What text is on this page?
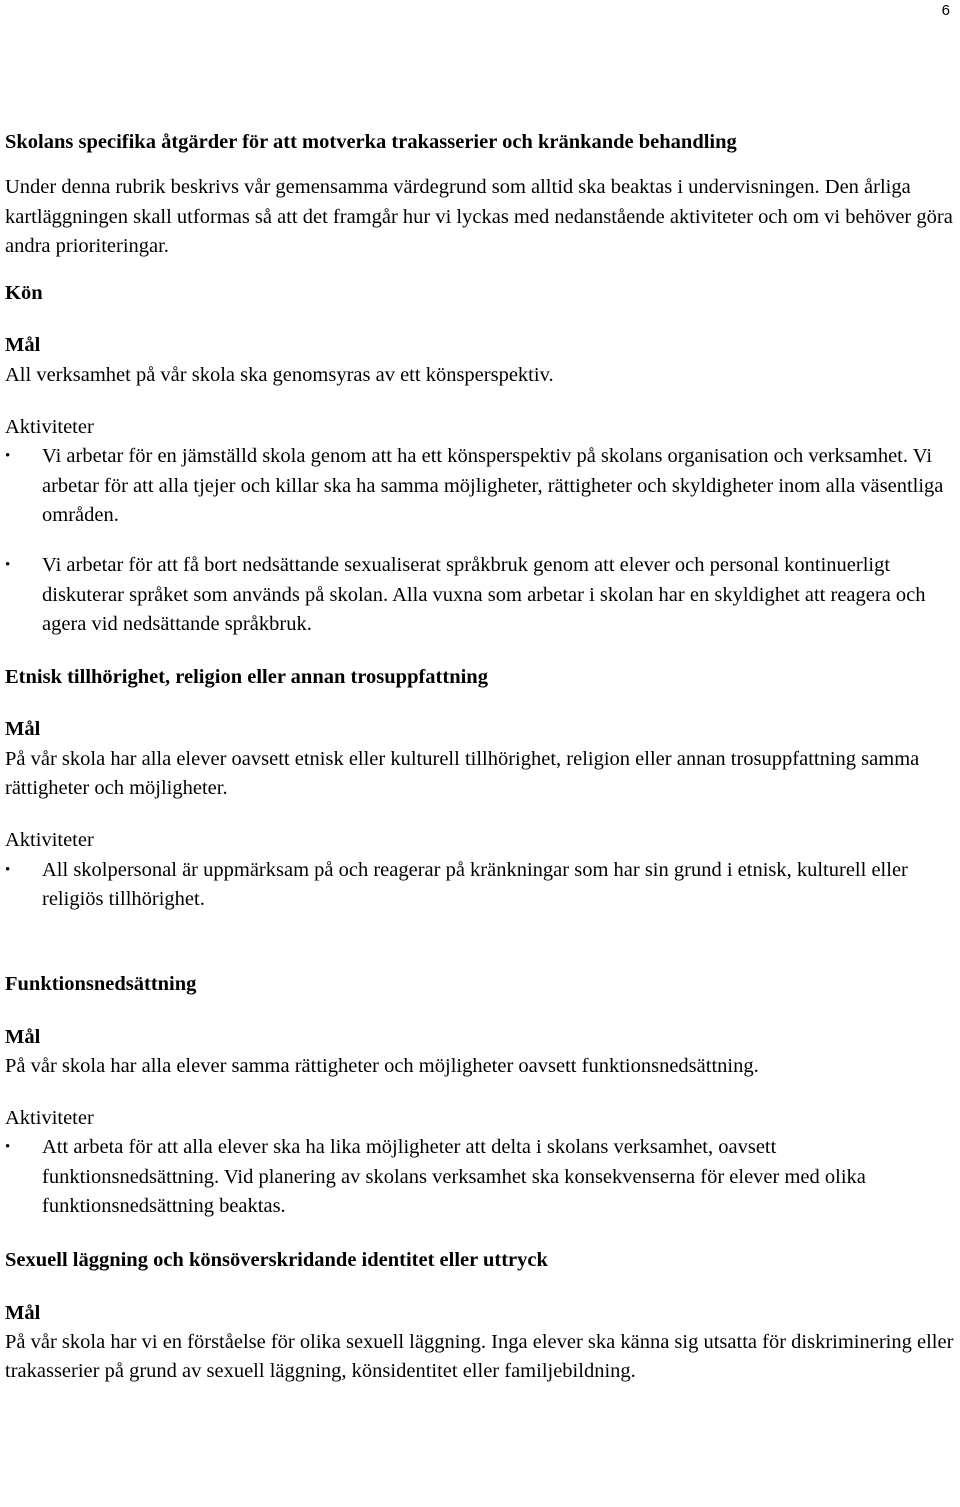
6

Skolans specifika åtgärder för att motverka trakasserier och kränkande behandling

Under denna rubrik beskrivs vår gemensamma värdegrund som alltid ska beaktas i undervisningen. Den årliga kartläggningen skall utformas så att det framgår hur vi lyckas med nedanstående aktiviteter och om vi behöver göra andra prioriteringar.

Kön

Mål

All verksamhet på vår skola ska genomsyras av ett könsperspektiv.

Aktiviteter

• Vi arbetar för en jämställd skola genom att ha ett könsperspektiv på skolans organisation och verksamhet. Vi arbetar för att alla tjejer och killar ska ha samma möjligheter, rättigheter och skyldigheter inom alla väsentliga områden.
• Vi arbetar för att få bort nedsättande sexualiserat språkbruk genom att elever och personal kontinuerligt diskuterar språket som används på skolan. Alla vuxna som arbetar i skolan har en skyldighet att reagera och agera vid nedsättande språkbruk.

Etnisk tillhörighet, religion eller annan trosuppfattning

Mål

På vår skola har alla elever oavsett etnisk eller kulturell tillhörighet, religion eller annan trosuppfattning samma rättigheter och möjligheter.

Aktiviteter

• All skolpersonal är uppmärksam på och reagerar på kränkningar som har sin grund i etnisk, kulturell eller religiös tillhörighet.

Funktionsnedsättning

Mål

På vår skola har alla elever samma rättigheter och möjligheter oavsett funktionsnedsättning.

Aktiviteter

• Att arbeta för att alla elever ska ha lika möjligheter att delta i skolans verksamhet, oavsett funktionsnedsättning. Vid planering av skolans verksamhet ska konsekvenserna för elever med olika funktionsnedsättning beaktas.

Sexuell läggning och könsöverskridande identitet eller uttryck

Mål

På vår skola har vi en förståelse för olika sexuell läggning. Inga elever ska känna sig utsatta för diskriminering eller trakasserier på grund av sexuell läggning, könsidentitet eller familjebildning.
